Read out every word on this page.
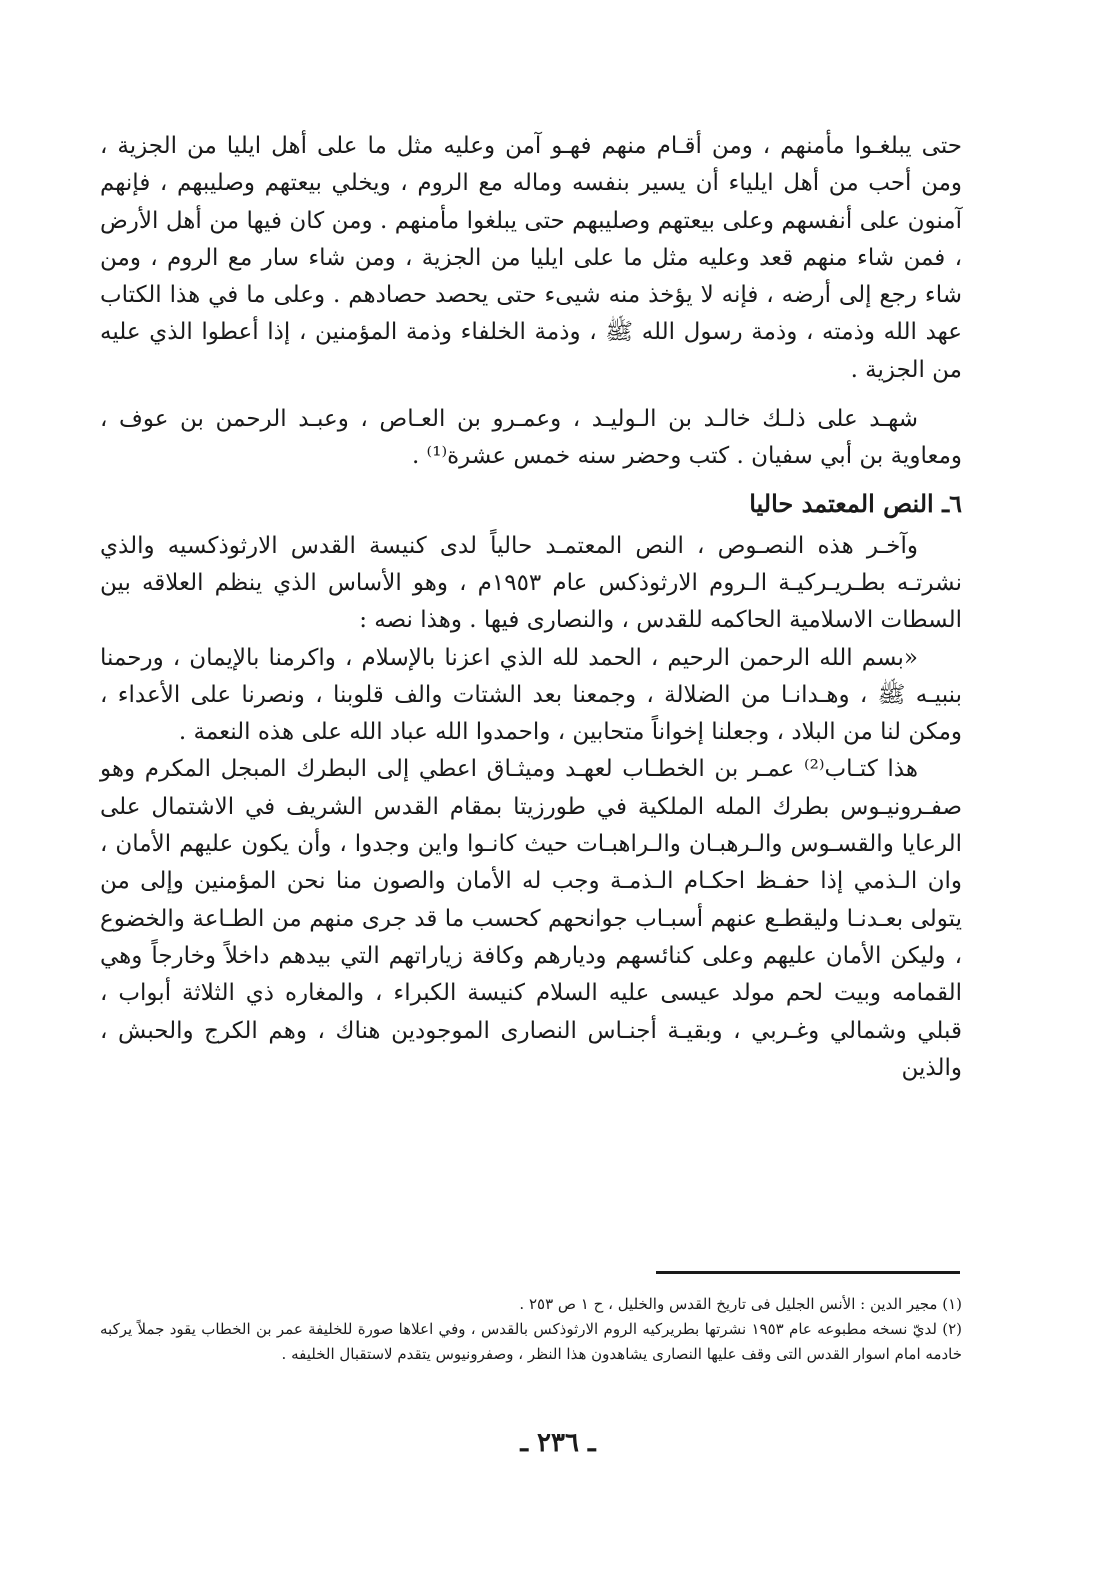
حتى يبلغـوا مأمنهم ، ومن أقـام منهم فهـو آمن وعليه مثل ما على أهل ايليا من الجزية ، ومن أحب من أهل ايلياء أن يسير بنفسه وماله مع الروم ، ويخلي بيعتهم وصليبهم ، فإنهم آمنون على أنفسهم وعلى بيعتهم وصليبهم حتى يبلغوا مأمنهم . ومن كان فيها من أهل الأرض ، فمن شاء منهم قعد وعليه مثل ما على ايليا من الجزية ، ومن شاء سار مع الروم ، ومن شاء رجع إلى أرضه ، فإنه لا يؤخذ منه شيىء حتى يحصد حصادهم . وعلى ما في هذا الكتاب عهد الله وذمته ، وذمة رسول الله ﷺ ، وذمة الخلفاء وذمة المؤمنين ، إذا أعطوا الذي عليه من الجزية .

شهـد على ذلـك خالـد بن الـوليـد ، وعمـرو بن العـاص ، وعبـد الرحمن بن عوف ، ومعاوية بن أبي سفيان . كتب وحضر سنه خمس عشرة⁽¹⁾ .

٦ـ النص المعتمد حاليا

وآخـر هذه النصـوص ، النص المعتمـد حالياً لدى كنيسة القدس الارثوذكسيه والذي نشرتـه بطـريـركيـة الـروم الارثوذكس عام ١٩٥٣م ، وهو الأساس الذي ينظم العلاقه بين السطات الاسلامية الحاكمه للقدس ، والنصارى فيها . وهذا نصه :

«بسم الله الرحمن الرحيم ، الحمد لله الذي اعزنا بالإسلام ، واكرمنا بالإيمان ، ورحمنا بنبيـه ﷺ ، وهـدانـا من الضلالة ، وجمعنا بعد الشتات والف قلوبنا ، ونصرنا على الأعداء ، ومكن لنا من البلاد ، وجعلنا إخواناً متحابين ، واحمدوا الله عباد الله على هذه النعمة .

هذا كتـاب⁽²⁾ عمـر بن الخطـاب لعهـد وميثـاق اعطي إلى البطرك المبجل المكرم وهو صفـرونيـوس بطرك المله الملكية في طورزيتا بمقام القدس الشريف في الاشتمال على الرعايا والقسـوس والـرهبـان والـراهبـات حيث كانـوا واين وجدوا ، وأن يكون عليهم الأمان ، وان الـذمي إذا حفـظ احكـام الـذمـة وجب له الأمان والصون منا نحن المؤمنين وإلى من يتولى بعـدنـا وليقطـع عنهم أسبـاب جوانحهم كحسب ما قد جرى منهم من الطـاعة والخضوع ، وليكن الأمان عليهم وعلى كنائسهم وديارهم وكافة زياراتهم التي بيدهم داخلاً وخارجاً وهي القمامه وبيت لحم مولد عيسى عليه السلام كنيسة الكبراء ، والمغاره ذي الثلاثة أبواب ، قبلي وشمالي وغـربي ، وبقيـة أجنـاس النصارى الموجودين هناك ، وهم الكرج والحبش ، والذين

(١) مجير الدين : الأنس الجليل فى تاريخ القدس والخليل ، ح ١ ص ٢٥٣ .

(٢) لديّ نسخه مطبوعه عام ١٩٥٣ نشرتها بطريركيه الروم الارثوذكس بالقدس ، وفي اعلاها صورة للخليفة عمر بن الخطاب يقود جملاً يركبه خادمه امام اسوار القدس التى وقف عليها النصارى يشاهدون هذا النظر ، وصفرونيوس يتقدم لاستقبال الخليفه .

ـ ٢٣٦ ـ
